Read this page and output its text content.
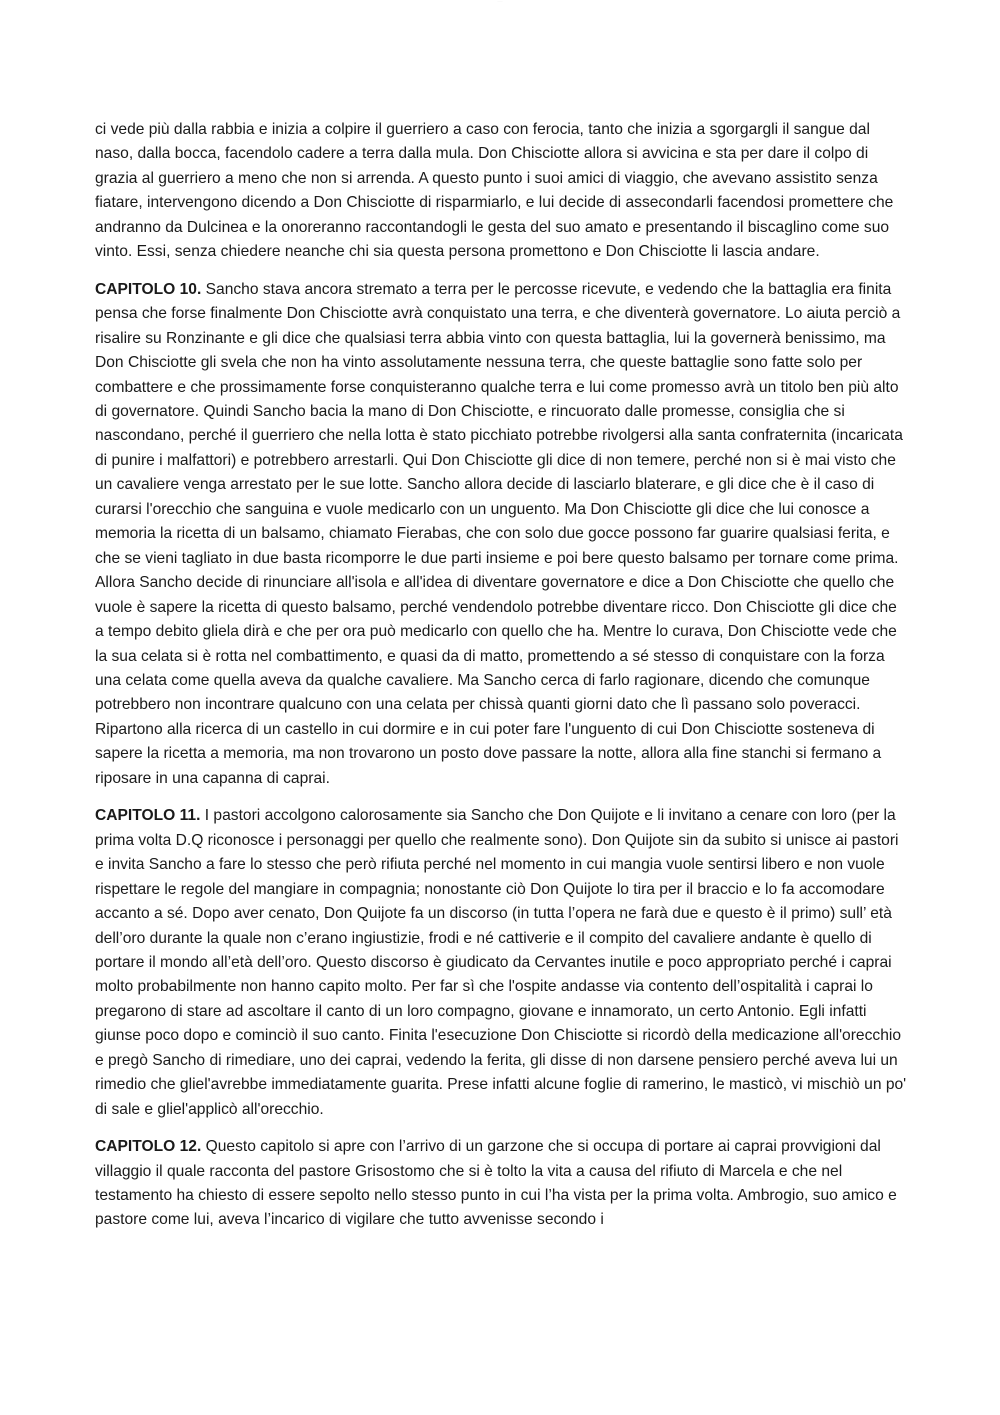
·····

ci vede più dalla rabbia e inizia a colpire il guerriero a caso con ferocia, tanto che inizia a sgorgargli il sangue dal naso, dalla bocca, facendolo cadere a terra dalla mula. Don Chisciotte allora si avvicina e sta per dare il colpo di grazia al guerriero a meno che non si arrenda. A questo punto i suoi amici di viaggio, che avevano assistito senza fiatare, intervengono dicendo a Don Chisciotte di risparmiarlo, e lui decide di assecondarli facendosi promettere che andranno da Dulcinea e la onoreranno raccontandogli le gesta del suo amato e presentando il biscaglino come suo vinto. Essi, senza chiedere neanche chi sia questa persona promettono e Don Chisciotte li lascia andare.

CAPITOLO 10. Sancho stava ancora stremato a terra per le percosse ricevute, e vedendo che la battaglia era finita pensa che forse finalmente Don Chisciotte avrà conquistato una terra, e che diventerà governatore. Lo aiuta perciò a risalire su Ronzinante e gli dice che qualsiasi terra abbia vinto con questa battaglia, lui la governerà benissimo, ma Don Chisciotte gli svela che non ha vinto assolutamente nessuna terra, che queste battaglie sono fatte solo per combattere e che prossimamente forse conquisteranno qualche terra e lui come promesso avrà un titolo ben più alto di governatore. Quindi Sancho bacia la mano di Don Chisciotte, e rincuorato dalle promesse, consiglia che si nascondano, perché il guerriero che nella lotta è stato picchiato potrebbe rivolgersi alla santa confraternita (incaricata di punire i malfattori) e potrebbero arrestarli. Qui Don Chisciotte gli dice di non temere, perché non si è mai visto che un cavaliere venga arrestato per le sue lotte. Sancho allora decide di lasciarlo blaterare, e gli dice che è il caso di curarsi l'orecchio che sanguina e vuole medicarlo con un unguento. Ma Don Chisciotte gli dice che lui conosce a memoria la ricetta di un balsamo, chiamato Fierabas, che con solo due gocce possono far guarire qualsiasi ferita, e che se vieni tagliato in due basta ricomporre le due parti insieme e poi bere questo balsamo per tornare come prima. Allora Sancho decide di rinunciare all'isola e all'idea di diventare governatore e dice a Don Chisciotte che quello che vuole è sapere la ricetta di questo balsamo, perché vendendolo potrebbe diventare ricco. Don Chisciotte gli dice che a tempo debito gliela dirà e che per ora può medicarlo con quello che ha. Mentre lo curava, Don Chisciotte vede che la sua celata si è rotta nel combattimento, e quasi da di matto, promettendo a sé stesso di conquistare con la forza una celata come quella aveva da qualche cavaliere. Ma Sancho cerca di farlo ragionare, dicendo che comunque potrebbero non incontrare qualcuno con una celata per chissà quanti giorni dato che lì passano solo poveracci. Ripartono alla ricerca di un castello in cui dormire e in cui poter fare l'unguento di cui Don Chisciotte sosteneva di sapere la ricetta a memoria, ma non trovarono un posto dove passare la notte, allora alla fine stanchi si fermano a riposare in una capanna di caprai.

CAPITOLO 11. I pastori accolgono calorosamente sia Sancho che Don Quijote e li invitano a cenare con loro (per la prima volta D.Q riconosce i personaggi per quello che realmente sono). Don Quijote sin da subito si unisce ai pastori e invita Sancho a fare lo stesso che però rifiuta perché nel momento in cui mangia vuole sentirsi libero e non vuole rispettare le regole del mangiare in compagnia; nonostante ciò Don Quijote lo tira per il braccio e lo fa accomodare accanto a sé. Dopo aver cenato, Don Quijote fa un discorso (in tutta l’opera ne farà due e questo è il primo) sull’ età dell’oro durante la quale non c’erano ingiustizie, frodi e né cattiverie e il compito del cavaliere andante è quello di portare il mondo all’età dell’oro. Questo discorso è giudicato da Cervantes inutile e poco appropriato perché i caprai molto probabilmente non hanno capito molto. Per far sì che l'ospite andasse via contento dell’ospitalità i caprai lo pregarono di stare ad ascoltare il canto di un loro compagno, giovane e innamorato, un certo Antonio. Egli infatti giunse poco dopo e cominciò il suo canto. Finita l'esecuzione Don Chisciotte si ricordò della medicazione all'orecchio e pregò Sancho di rimediare, uno dei caprai, vedendo la ferita, gli disse di non darsene pensiero perché aveva lui un rimedio che gliel'avrebbe immediatamente guarita. Prese infatti alcune foglie di ramerino, le masticò, vi mischiò un po' di sale e gliel'applicò all'orecchio.

CAPITOLO 12. Questo capitolo si apre con l’arrivo di un garzone che si occupa di portare ai caprai provvigioni dal villaggio il quale racconta del pastore Grisostomo che si è tolto la vita a causa del rifiuto di Marcela e che nel testamento ha chiesto di essere sepolto nello stesso punto in cui l’ha vista per la prima volta. Ambrogio, suo amico e pastore come lui, aveva l’incarico di vigilare che tutto avvenisse secondo i
